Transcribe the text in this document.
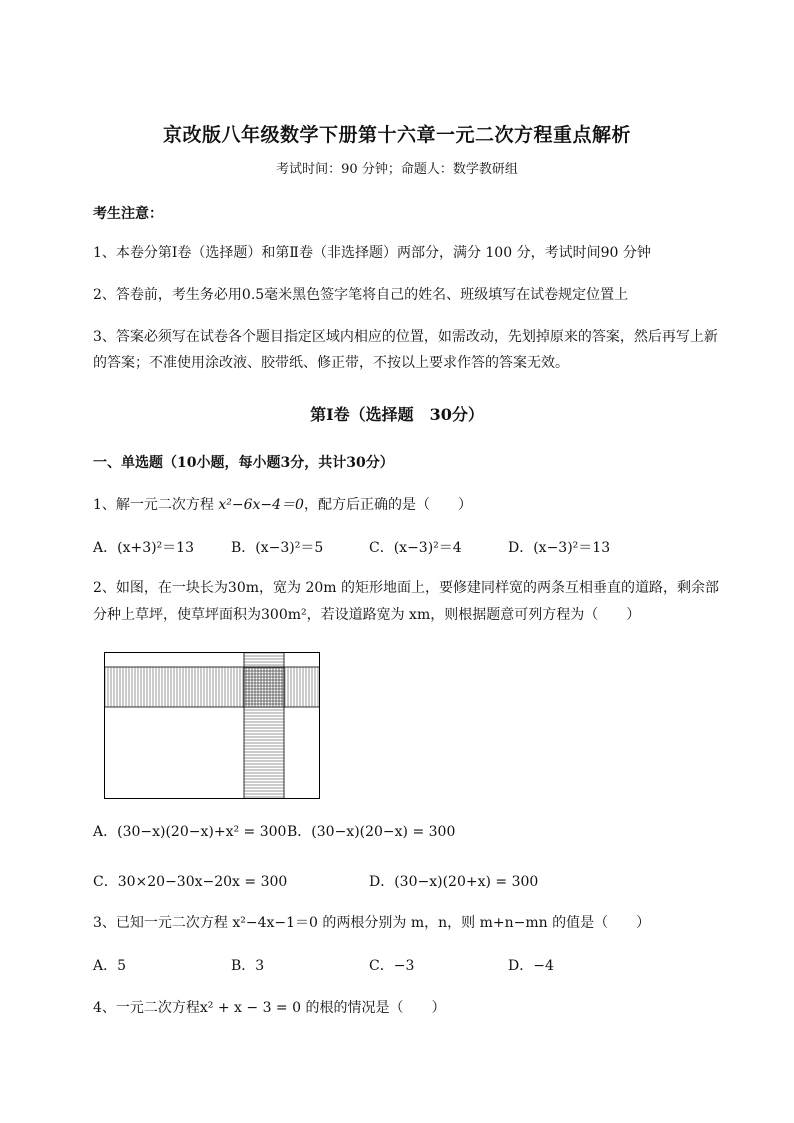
京改版八年级数学下册第十六章一元二次方程重点解析
考试时间：90 分钟；命题人：数学教研组
考生注意：
1、本卷分第Ⅰ卷（选择题）和第Ⅱ卷（非选择题）两部分，满分 100 分，考试时间90 分钟
2、答卷前，考生务必用0.5毫米黑色签字笔将自己的姓名、班级填写在试卷规定位置上
3、答案必须写在试卷各个题目指定区域内相应的位置，如需改动，先划掉原来的答案，然后再写上新
的答案；不准使用涂改液、胶带纸、修正带，不按以上要求作答的答案无效。
第Ⅰ卷（选择题　30分）
一、单选题（10小题，每小题3分，共计30分）
1、解一元二次方程 x²−6x−4＝0，配方后正确的是（　　）
A．(x+3)²＝13	B．(x−3)²＝5	C．(x−3)²＝4	D．(x−3)²＝13
2、如图，在一块长为30m，宽为 20m 的矩形地面上，要修建同样宽的两条互相垂直的道路，剩余部
分种上草坪，使草坪面积为300m²，若设道路宽为 xm，则根据题意可列方程为（　　）
A．(30−x)(20−x)+x² = 300 B．(30−x)(20−x) = 300
C．30×20−30x−20x = 300	D．(30−x)(20+x) = 300
3、已知一元二次方程 x²−4x−1＝0 的两根分别为 m，n，则 m+n−mn 的值是（　　）
A．5	B．3	C．−3	D．−4
4、一元二次方程x² + x − 3 = 0 的根的情况是（　　）
